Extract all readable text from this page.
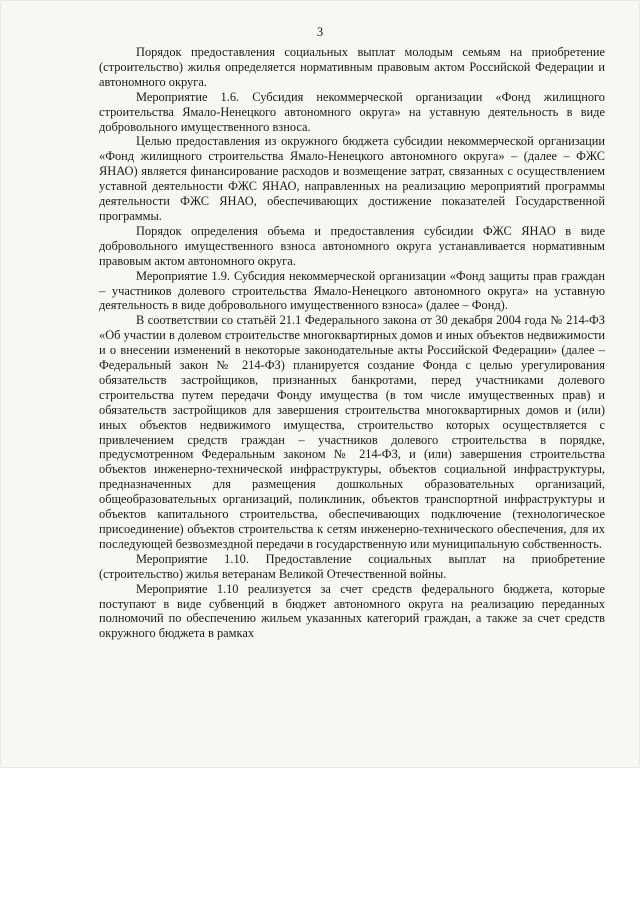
3

Порядок предоставления социальных выплат молодым семьям на приобретение (строительство) жилья определяется нормативным правовым актом Российской Федерации и автономного округа.

Мероприятие 1.6. Субсидия некоммерческой организации «Фонд жилищного строительства Ямало-Ненецкого автономного округа» на уставную деятельность в виде добровольного имущественного взноса.

Целью предоставления из окружного бюджета субсидии некоммерческой организации «Фонд жилищного строительства Ямало-Ненецкого автономного округа» – (далее – ФЖС ЯНАО) является финансирование расходов и возмещение затрат, связанных с осуществлением уставной деятельности ФЖС ЯНАО, направленных на реализацию мероприятий программы деятельности ФЖС ЯНАО, обеспечивающих достижение показателей Государственной программы.

Порядок определения объема и предоставления субсидии ФЖС ЯНАО в виде добровольного имущественного взноса автономного округа устанавливается нормативным правовым актом автономного округа.

Мероприятие 1.9. Субсидия некоммерческой организации «Фонд защиты прав граждан – участников долевого строительства Ямало-Ненецкого автономного округа» на уставную деятельность в виде добровольного имущественного взноса» (далее – Фонд).

В соответствии со статьёй 21.1 Федерального закона от 30 декабря 2004 года № 214-ФЗ «Об участии в долевом строительстве многоквартирных домов и иных объектов недвижимости и о внесении изменений в некоторые законодательные акты Российской Федерации» (далее – Федеральный закон № 214-ФЗ) планируется создание Фонда с целью урегулирования обязательств застройщиков, признанных банкротами, перед участниками долевого строительства путем передачи Фонду имущества (в том числе имущественных прав) и обязательств застройщиков для завершения строительства многоквартирных домов и (или) иных объектов недвижимого имущества, строительство которых осуществляется с привлечением средств граждан – участников долевого строительства в порядке, предусмотренном Федеральным законом № 214-ФЗ, и (или) завершения строительства объектов инженерно-технической инфраструктуры, объектов социальной инфраструктуры, предназначенных для размещения дошкольных образовательных организаций, общеобразовательных организаций, поликлиник, объектов транспортной инфраструктуры и объектов капитального строительства, обеспечивающих подключение (технологическое присоединение) объектов строительства к сетям инженерно-технического обеспечения, для их последующей безвозмездной передачи в государственную или муниципальную собственность.

Мероприятие 1.10. Предоставление социальных выплат на приобретение (строительство) жилья ветеранам Великой Отечественной войны.

Мероприятие 1.10 реализуется за счет средств федерального бюджета, которые поступают в виде субвенций в бюджет автономного округа на реализацию переданных полномочий по обеспечению жильем указанных категорий граждан, а также за счет средств окружного бюджета в рамках
